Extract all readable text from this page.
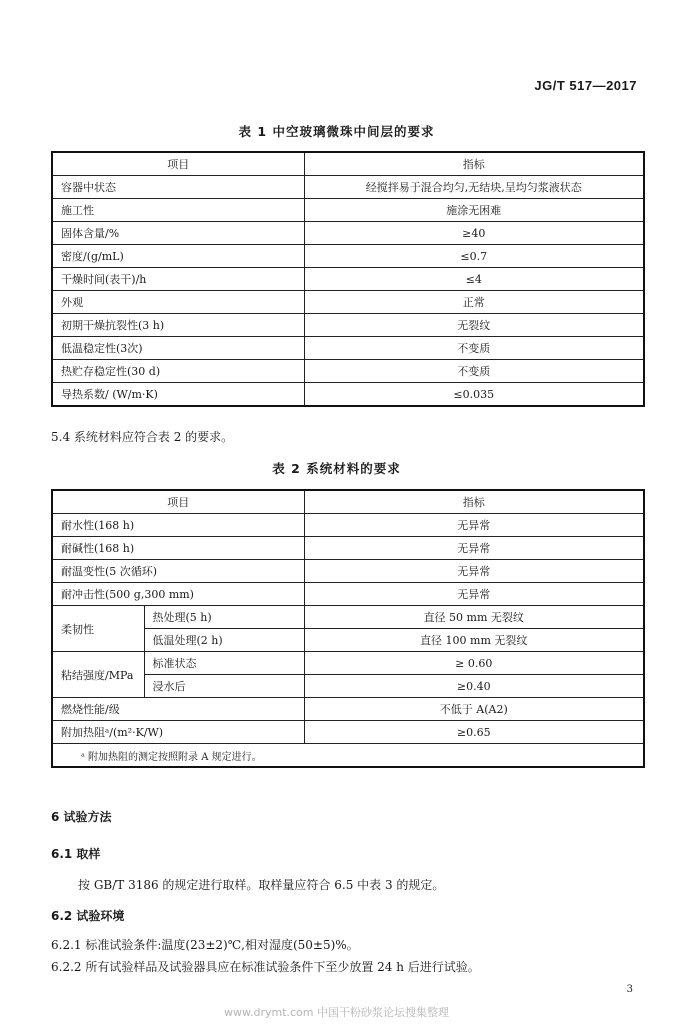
JG/T 517—2017
表 1 中空玻璃微珠中间层的要求
项目	指标
容器中状态	经搅拌易于混合均匀,无结块,呈均匀浆液状态
施工性	施涂无困难
固体含量/%	≥40
密度/(g/mL)	≤0.7
干燥时间(表干)/h	≤4
外观	正常
初期干燥抗裂性(3 h)	无裂纹
低温稳定性(3次)	不变质
热贮存稳定性(30 d)	不变质
导热系数/ (W/m·K)	≤0.035
5.4 系统材料应符合表 2 的要求。
表 2 系统材料的要求
项目		指标
耐水性(168 h)		无异常
耐碱性(168 h)		无异常
耐温变性(5 次循环)		无异常
耐冲击性(500 g,300 mm)		无异常
柔韧性	热处理(5 h)	直径 50 mm 无裂纹
	低温处理(2 h)	直径 100 mm 无裂纹
粘结强度/MPa	标准状态	≥ 0.60
	浸水后	≥0.40
燃烧性能/级		不低于 A(A2)
附加热阻ᵃ/(m²·K/W)		≥0.65
ᵃ 附加热阻的测定按照附录 A 规定进行。		
6 试验方法
6.1 取样
按 GB/T 3186 的规定进行取样。取样量应符合 6.5 中表 3 的规定。
6.2 试验环境
6.2.1 标准试验条件:温度(23±2)℃,相对湿度(50±5)%。
6.2.2 所有试验样品及试验器具应在标准试验条件下至少放置 24 h 后进行试验。
3
www.drymt.com 中国干粉砂浆论坛搜集整理
